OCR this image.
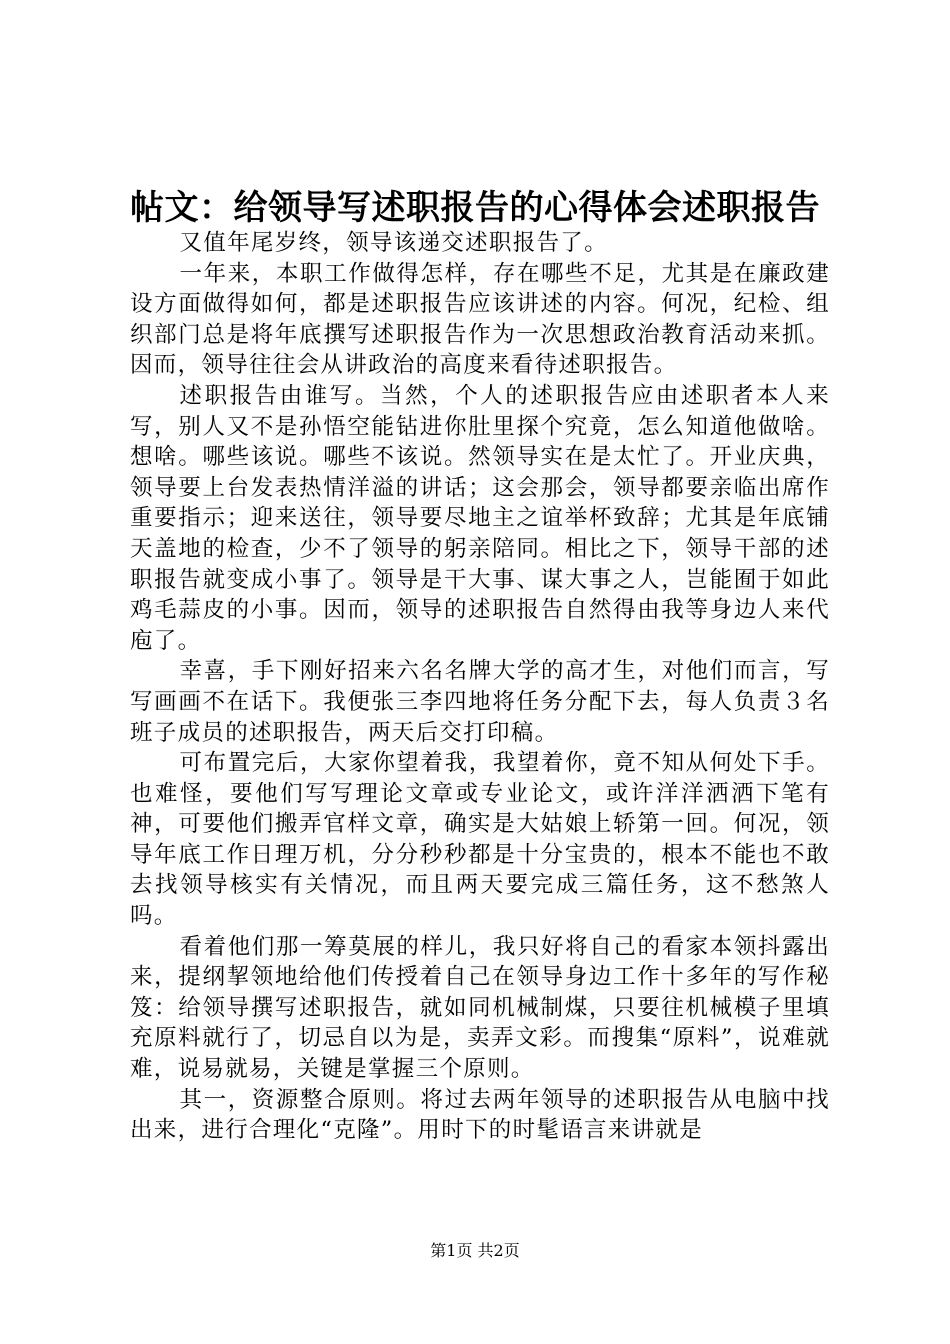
帖文：给领导写述职报告的心得体会述职报告

又值年尾岁终，领导该递交述职报告了。

一年来，本职工作做得怎样，存在哪些不足，尤其是在廉政建设方面做得如何，都是述职报告应该讲述的内容。何况，纪检、组织部门总是将年底撰写述职报告作为一次思想政治教育活动来抓。因而，领导往往会从讲政治的高度来看待述职报告。

述职报告由谁写。当然，个人的述职报告应由述职者本人来写，别人又不是孙悟空能钻进你肚里探个究竟，怎么知道他做啥。想啥。哪些该说。哪些不该说。然领导实在是太忙了。开业庆典，领导要上台发表热情洋溢的讲话；这会那会，领导都要亲临出席作重要指示；迎来送往，领导要尽地主之谊举杯致辞；尤其是年底铺天盖地的检查，少不了领导的躬亲陪同。相比之下，领导干部的述职报告就变成小事了。领导是干大事、谋大事之人，岂能囿于如此鸡毛蒜皮的小事。因而，领导的述职报告自然得由我等身边人来代庖了。

幸喜，手下刚好招来六名名牌大学的高才生，对他们而言，写写画画不在话下。我便张三李四地将任务分配下去，每人负责３名班子成员的述职报告，两天后交打印稿。

可布置完后，大家你望着我，我望着你，竟不知从何处下手。也难怪，要他们写写理论文章或专业论文，或许洋洋洒洒下笔有神，可要他们搬弄官样文章，确实是大姑娘上轿第一回。何况，领导年底工作日理万机，分分秒秒都是十分宝贵的，根本不能也不敢去找领导核实有关情况，而且两天要完成三篇任务，这不愁煞人吗。

看着他们那一筹莫展的样儿，我只好将自己的看家本领抖露出来，提纲挈领地给他们传授着自己在领导身边工作十多年的写作秘笈：给领导撰写述职报告，就如同机械制煤，只要往机械模子里填充原料就行了，切忌自以为是，卖弄文彩。而搜集“原料”，说难就难，说易就易，关键是掌握三个原则。

其一，资源整合原则。将过去两年领导的述职报告从电脑中找出来，进行合理化“克隆”。用时下的时髦语言来讲就是

第1页 共2页
